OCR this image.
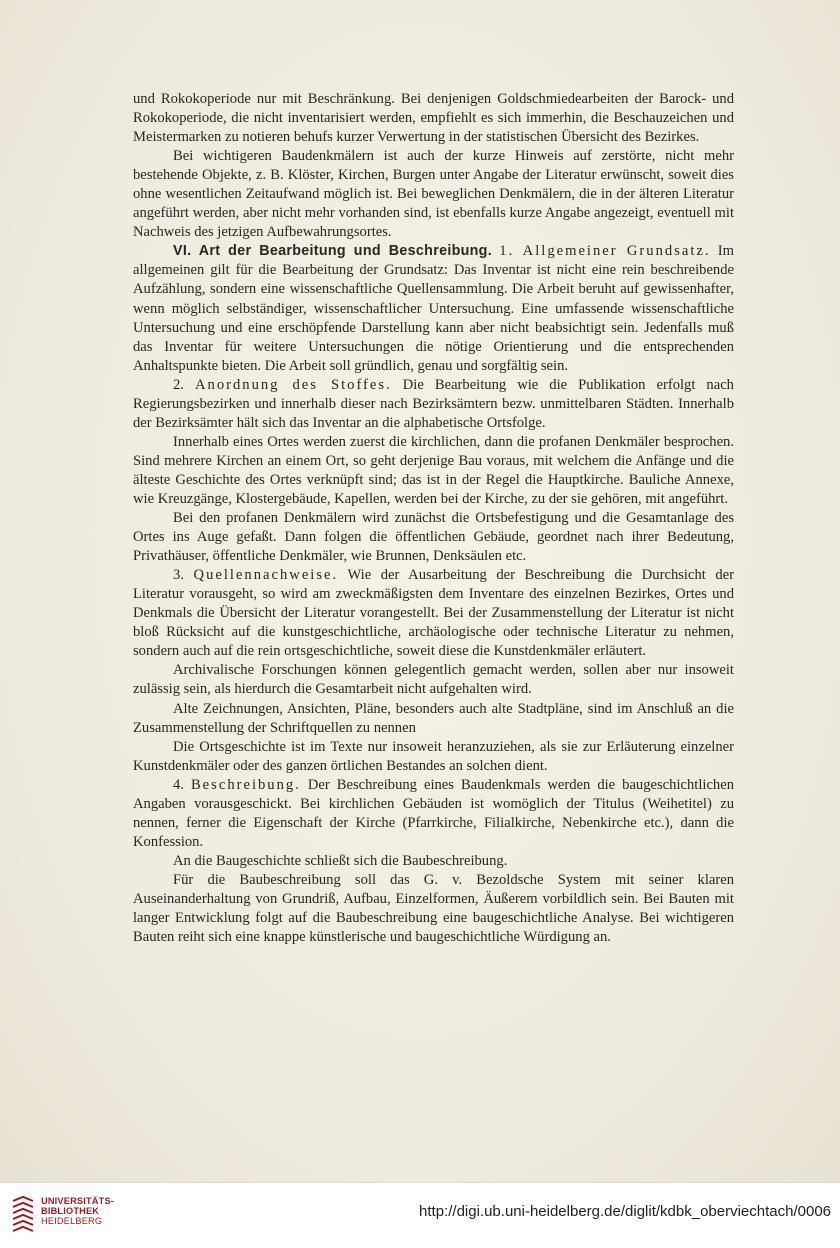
und Rokokoperiode nur mit Beschränkung. Bei denjenigen Goldschmiedearbeiten der Barock- und Rokokoperiode, die nicht inventarisiert werden, empfiehlt es sich immerhin, die Beschauzeichen und Meistermarken zu notieren behufs kurzer Verwertung in der statistischen Übersicht des Bezirkes.

Bei wichtigeren Baudenkmälern ist auch der kurze Hinweis auf zerstörte, nicht mehr bestehende Objekte, z. B. Klöster, Kirchen, Burgen unter Angabe der Literatur erwünscht, soweit dies ohne wesentlichen Zeitaufwand möglich ist. Bei beweglichen Denkmälern, die in der älteren Literatur angeführt werden, aber nicht mehr vorhanden sind, ist ebenfalls kurze Angabe angezeigt, eventuell mit Nachweis des jetzigen Aufbewahrungsortes.

VI. Art der Bearbeitung und Beschreibung. 1. Allgemeiner Grundsatz. Im allgemeinen gilt für die Bearbeitung der Grundsatz: Das Inventar ist nicht eine rein beschreibende Aufzählung, sondern eine wissenschaftliche Quellensammlung. Die Arbeit beruht auf gewissenhafter, wenn möglich selbständiger, wissenschaftlicher Untersuchung. Eine umfassende wissenschaftliche Untersuchung und eine erschöpfende Darstellung kann aber nicht beabsichtigt sein. Jedenfalls muß das Inventar für weitere Untersuchungen die nötige Orientierung und die entsprechenden Anhaltspunkte bieten. Die Arbeit soll gründlich, genau und sorgfältig sein.

2. Anordnung des Stoffes. Die Bearbeitung wie die Publikation erfolgt nach Regierungsbezirken und innerhalb dieser nach Bezirksämtern bezw. unmittelbaren Städten. Innerhalb der Bezirksämter hält sich das Inventar an die alphabetische Ortsfolge.

Innerhalb eines Ortes werden zuerst die kirchlichen, dann die profanen Denkmäler besprochen. Sind mehrere Kirchen an einem Ort, so geht derjenige Bau voraus, mit welchem die Anfänge und die älteste Geschichte des Ortes verknüpft sind; das ist in der Regel die Hauptkirche. Bauliche Annexe, wie Kreuzgänge, Klostergebäude, Kapellen, werden bei der Kirche, zu der sie gehören, mit angeführt.

Bei den profanen Denkmälern wird zunächst die Ortsbefestigung und die Gesamtanlage des Ortes ins Auge gefaßt. Dann folgen die öffentlichen Gebäude, geordnet nach ihrer Bedeutung, Privathäuser, öffentliche Denkmäler, wie Brunnen, Denksäulen etc.

3. Quellennachweise. Wie der Ausarbeitung der Beschreibung die Durchsicht der Literatur vorausgeht, so wird am zweckmäßigsten dem Inventare des einzelnen Bezirkes, Ortes und Denkmals die Übersicht der Literatur vorangestellt. Bei der Zusammenstellung der Literatur ist nicht bloß Rücksicht auf die kunstgeschichtliche, archäologische oder technische Literatur zu nehmen, sondern auch auf die rein ortsgeschichtliche, soweit diese die Kunstdenkmäler erläutert.

Archivalische Forschungen können gelegentlich gemacht werden, sollen aber nur insoweit zulässig sein, als hierdurch die Gesamtarbeit nicht aufgehalten wird.

Alte Zeichnungen, Ansichten, Pläne, besonders auch alte Stadtpläne, sind im Anschluß an die Zusammenstellung der Schriftquellen zu nennen

Die Ortsgeschichte ist im Texte nur insoweit heranzuziehen, als sie zur Erläuterung einzelner Kunstdenkmäler oder des ganzen örtlichen Bestandes an solchen dient.

4. Beschreibung. Der Beschreibung eines Baudenkmals werden die baugeschichtlichen Angaben vorausgeschickt. Bei kirchlichen Gebäuden ist womöglich der Titulus (Weihetitel) zu nennen, ferner die Eigenschaft der Kirche (Pfarrkirche, Filialkirche, Nebenkirche etc.), dann die Konfession.

An die Baugeschichte schließt sich die Baubeschreibung.

Für die Baubeschreibung soll das G. v. Bezoldsche System mit seiner klaren Auseinanderhaltung von Grundriß, Aufbau, Einzelformen, Äußerem vorbildlich sein. Bei Bauten mit langer Entwicklung folgt auf die Baubeschreibung eine baugeschichtliche Analyse. Bei wichtigeren Bauten reiht sich eine knappe künstlerische und baugeschichtliche Würdigung an.

UNIVERSITÄTS-
BIBLIOTHEK
HEIDELBERG
http://digi.ub.uni-heidelberg.de/diglit/kdbk_oberviechtach/0006
